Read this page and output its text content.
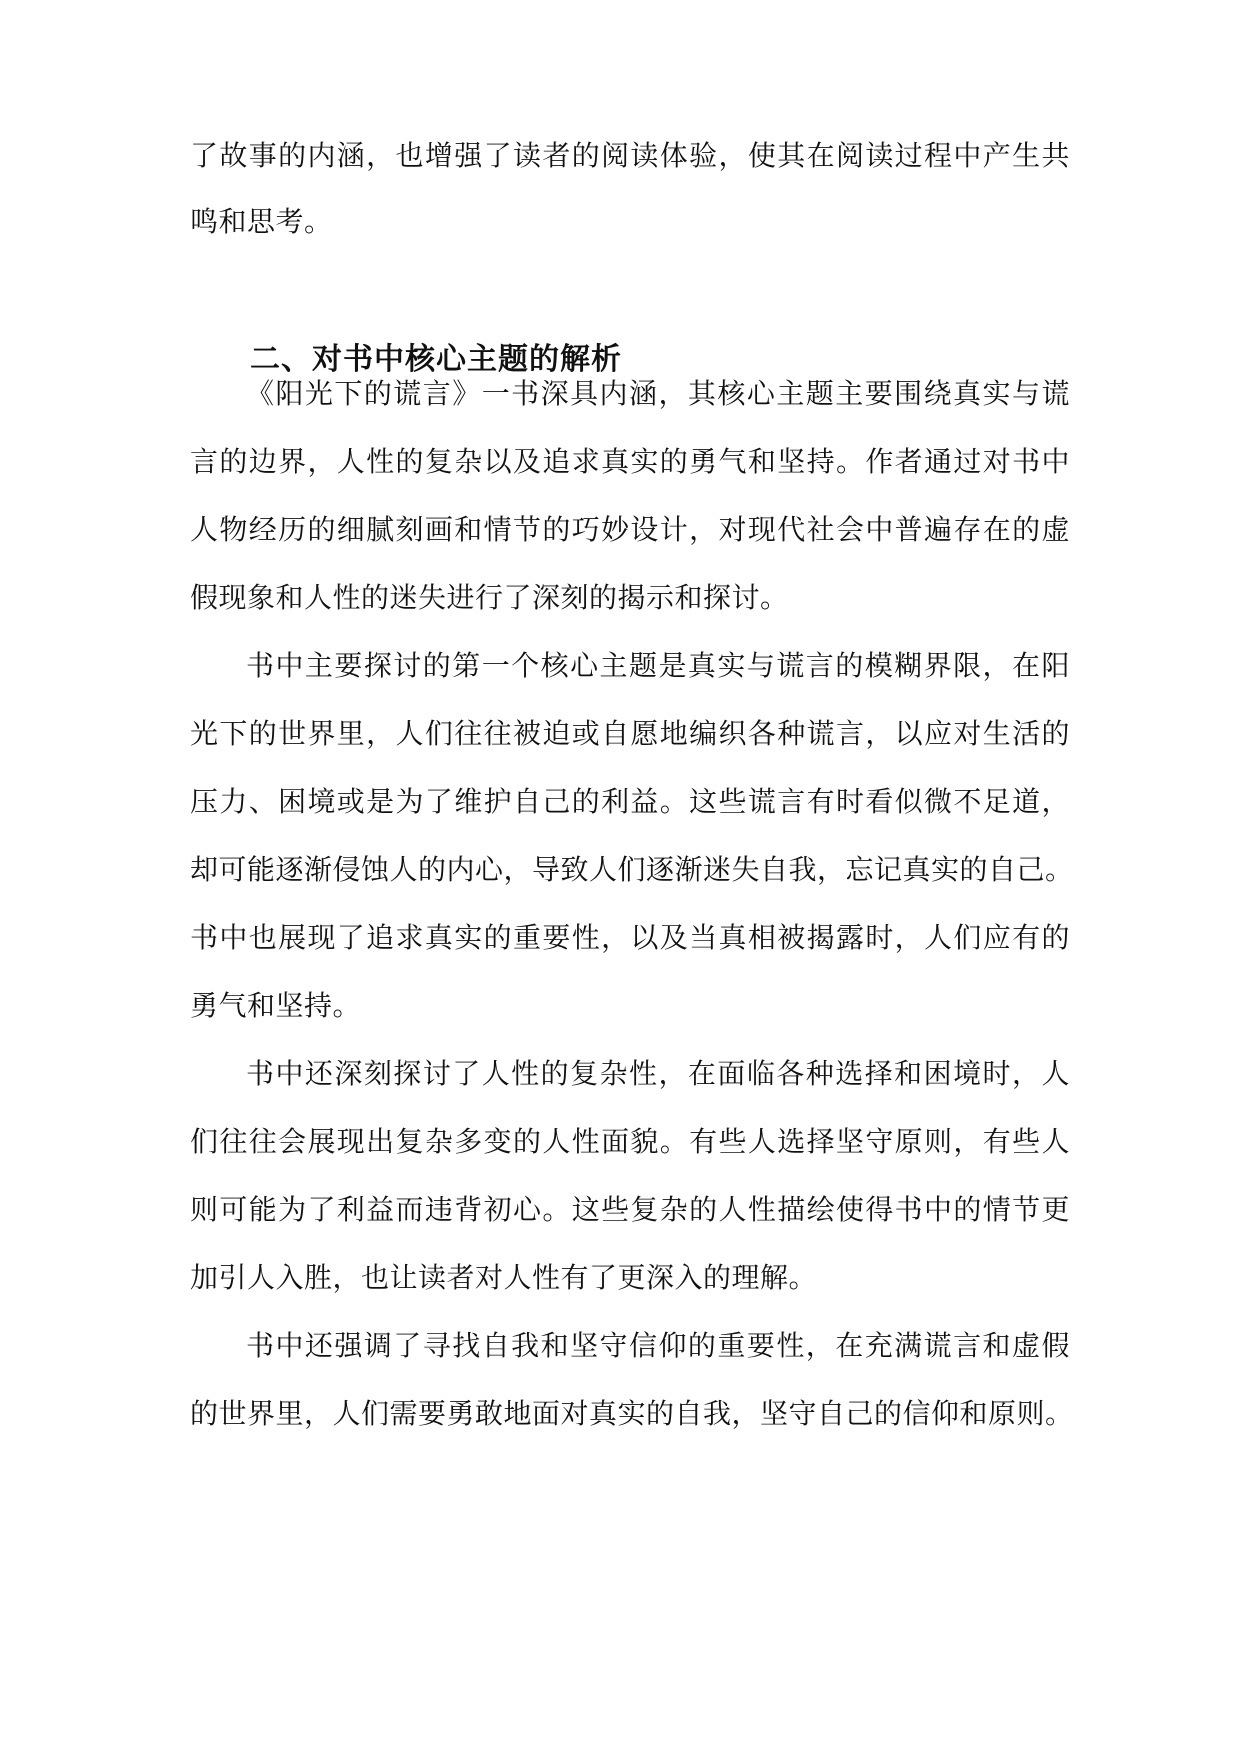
了故事的内涵，也增强了读者的阅读体验，使其在阅读过程中产生共
鸣和思考。
二、对书中核心主题的解析
《阳光下的谎言》一书深具内涵，其核心主题主要围绕真实与谎
言的边界，人性的复杂以及追求真实的勇气和坚持。作者通过对书中
人物经历的细腻刻画和情节的巧妙设计，对现代社会中普遍存在的虚
假现象和人性的迷失进行了深刻的揭示和探讨。
书中主要探讨的第一个核心主题是真实与谎言的模糊界限，在阳
光下的世界里，人们往往被迫或自愿地编织各种谎言，以应对生活的
压力、困境或是为了维护自己的利益。这些谎言有时看似微不足道，
却可能逐渐侵蚀人的内心，导致人们逐渐迷失自我，忘记真实的自己。
书中也展现了追求真实的重要性，以及当真相被揭露时，人们应有的
勇气和坚持。
书中还深刻探讨了人性的复杂性，在面临各种选择和困境时，人
们往往会展现出复杂多变的人性面貌。有些人选择坚守原则，有些人
则可能为了利益而违背初心。这些复杂的人性描绘使得书中的情节更
加引人入胜，也让读者对人性有了更深入的理解。
书中还强调了寻找自我和坚守信仰的重要性，在充满谎言和虚假
的世界里，人们需要勇敢地面对真实的自我，坚守自己的信仰和原则。
